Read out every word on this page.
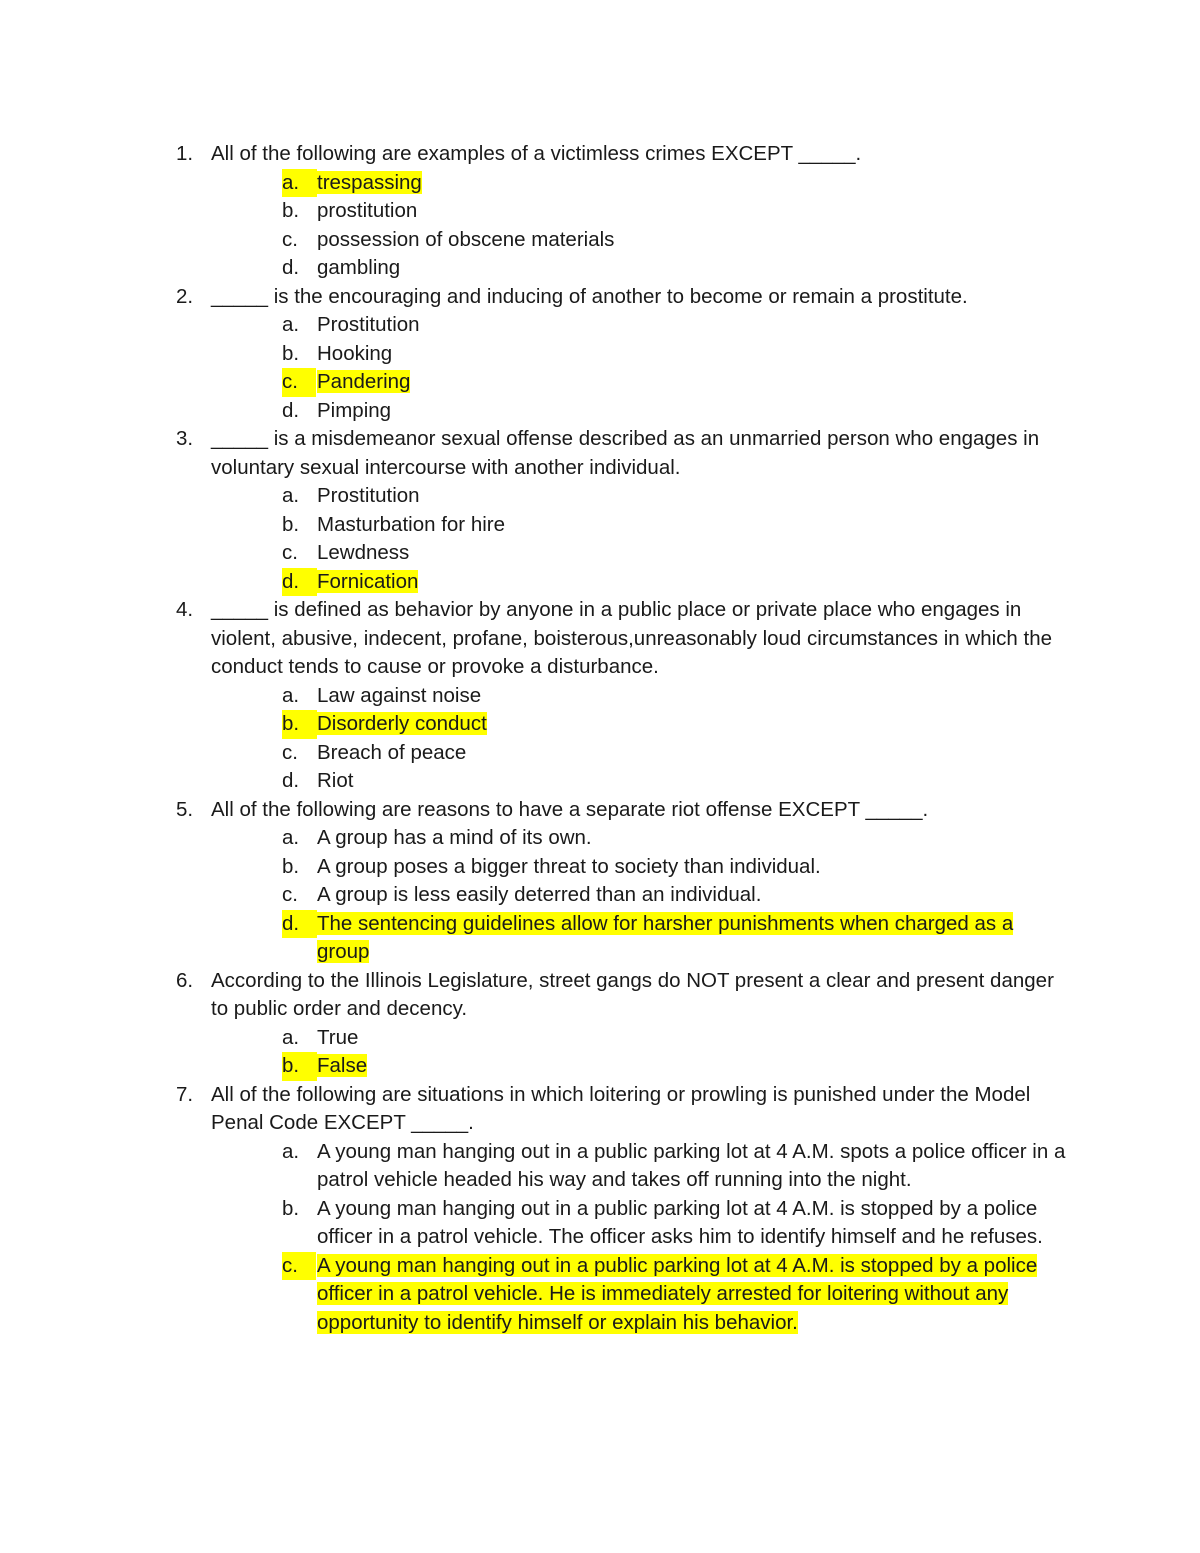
1. All of the following are examples of a victimless crimes EXCEPT _____.
a. trespassing
b. prostitution
c. possession of obscene materials
d. gambling
2. _____ is the encouraging and inducing of another to become or remain a prostitute.
a. Prostitution
b. Hooking
c. Pandering
d. Pimping
3. _____ is a misdemeanor sexual offense described as an unmarried person who engages in voluntary sexual intercourse with another individual.
a. Prostitution
b. Masturbation for hire
c. Lewdness
d. Fornication
4. _____ is defined as behavior by anyone in a public place or private place who engages in violent, abusive, indecent, profane, boisterous,unreasonably loud circumstances in which the conduct tends to cause or provoke a disturbance.
a. Law against noise
b. Disorderly conduct
c. Breach of peace
d. Riot
5. All of the following are reasons to have a separate riot offense EXCEPT _____.
a. A group has a mind of its own.
b. A group poses a bigger threat to society than individual.
c. A group is less easily deterred than an individual.
d. The sentencing guidelines allow for harsher punishments when charged as a group
6. According to the Illinois Legislature, street gangs do NOT present a clear and present danger to public order and decency.
a. True
b. False
7. All of the following are situations in which loitering or prowling is punished under the Model Penal Code EXCEPT _____.
a. A young man hanging out in a public parking lot at 4 A.M. spots a police officer in a patrol vehicle headed his way and takes off running into the night.
b. A young man hanging out in a public parking lot at 4 A.M. is stopped by a police officer in a patrol vehicle. The officer asks him to identify himself and he refuses.
c. A young man hanging out in a public parking lot at 4 A.M. is stopped by a police officer in a patrol vehicle. He is immediately arrested for loitering without any opportunity to identify himself or explain his behavior.
